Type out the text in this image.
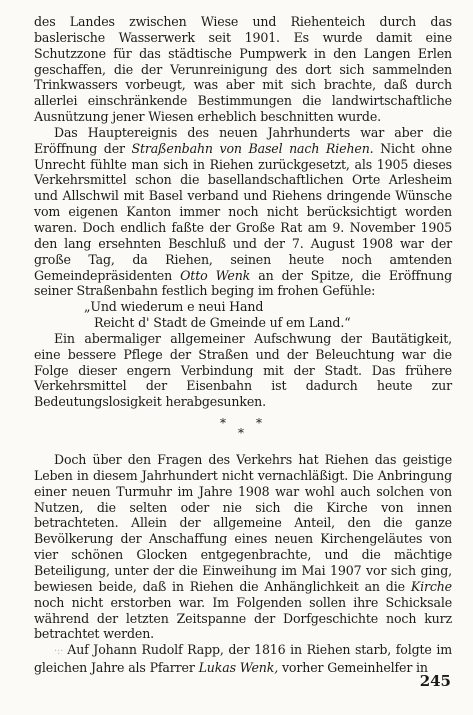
des Landes zwischen Wiese und Riehenteich durch das baslerische Wasserwerk seit 1901. Es wurde damit eine Schutzzone für das städtische Pumpwerk in den Langen Erlen geschaffen, die der Verunreinigung des dort sich sammelnden Trinkwassers vorbeugt, was aber mit sich brachte, daß durch allerlei einschränkende Bestimmungen die landwirtschaftliche Ausnützung jener Wiesen erheblich beschnitten wurde.

Das Hauptereignis des neuen Jahrhunderts war aber die Eröffnung der Straßenbahn von Basel nach Riehen. Nicht ohne Unrecht fühlte man sich in Riehen zurückgesetzt, als 1905 dieses Verkehrsmittel schon die basellandschaftlichen Orte Arlesheim und Allschwil mit Basel verband und Riehens dringende Wünsche vom eigenen Kanton immer noch nicht berücksichtigt worden waren. Doch endlich faßte der Große Rat am 9. November 1905 den lang ersehnten Beschluß und der 7. August 1908 war der große Tag, da Riehen, seinen heute noch amtenden Gemeindepräsidenten Otto Wenk an der Spitze, die Eröffnung seiner Straßenbahn festlich beging im frohen Gefühle:

„Und wiederum e neui Hand
Reicht d' Stadt de Gmeinde uf em Land.“

Ein abermaliger allgemeiner Aufschwung der Bautätigkeit, eine bessere Pflege der Straßen und der Beleuchtung war die Folge dieser engern Verbindung mit der Stadt. Das frühere Verkehrsmittel der Eisenbahn ist dadurch heute zur Bedeutungslosigkeit herabgesunken.

*
*
*

Doch über den Fragen des Verkehrs hat Riehen das geistige Leben in diesem Jahrhundert nicht vernachläßigt. Die Anbringung einer neuen Turmuhr im Jahre 1908 war wohl auch solchen von Nutzen, die selten oder nie sich die Kirche von innen betrachteten. Allein der allgemeine Anteil, den die ganze Bevölkerung der Anschaffung eines neuen Kirchengeläutes von vier schönen Glocken entgegenbrachte, und die mächtige Beteiligung, unter der die Einweihung im Mai 1907 vor sich ging, bewiesen beide, daß in Riehen die Anhänglichkeit an die Kirche noch nicht erstorben war. Im Folgenden sollen ihre Schicksale während der letzten Zeitspanne der Dorfgeschichte noch kurz betrachtet werden.

·:· Auf Johann Rudolf Rapp, der 1816 in Riehen starb, folgte im gleichen Jahre als Pfarrer Lukas Wenk, vorher Gemeinhelfer in

245
